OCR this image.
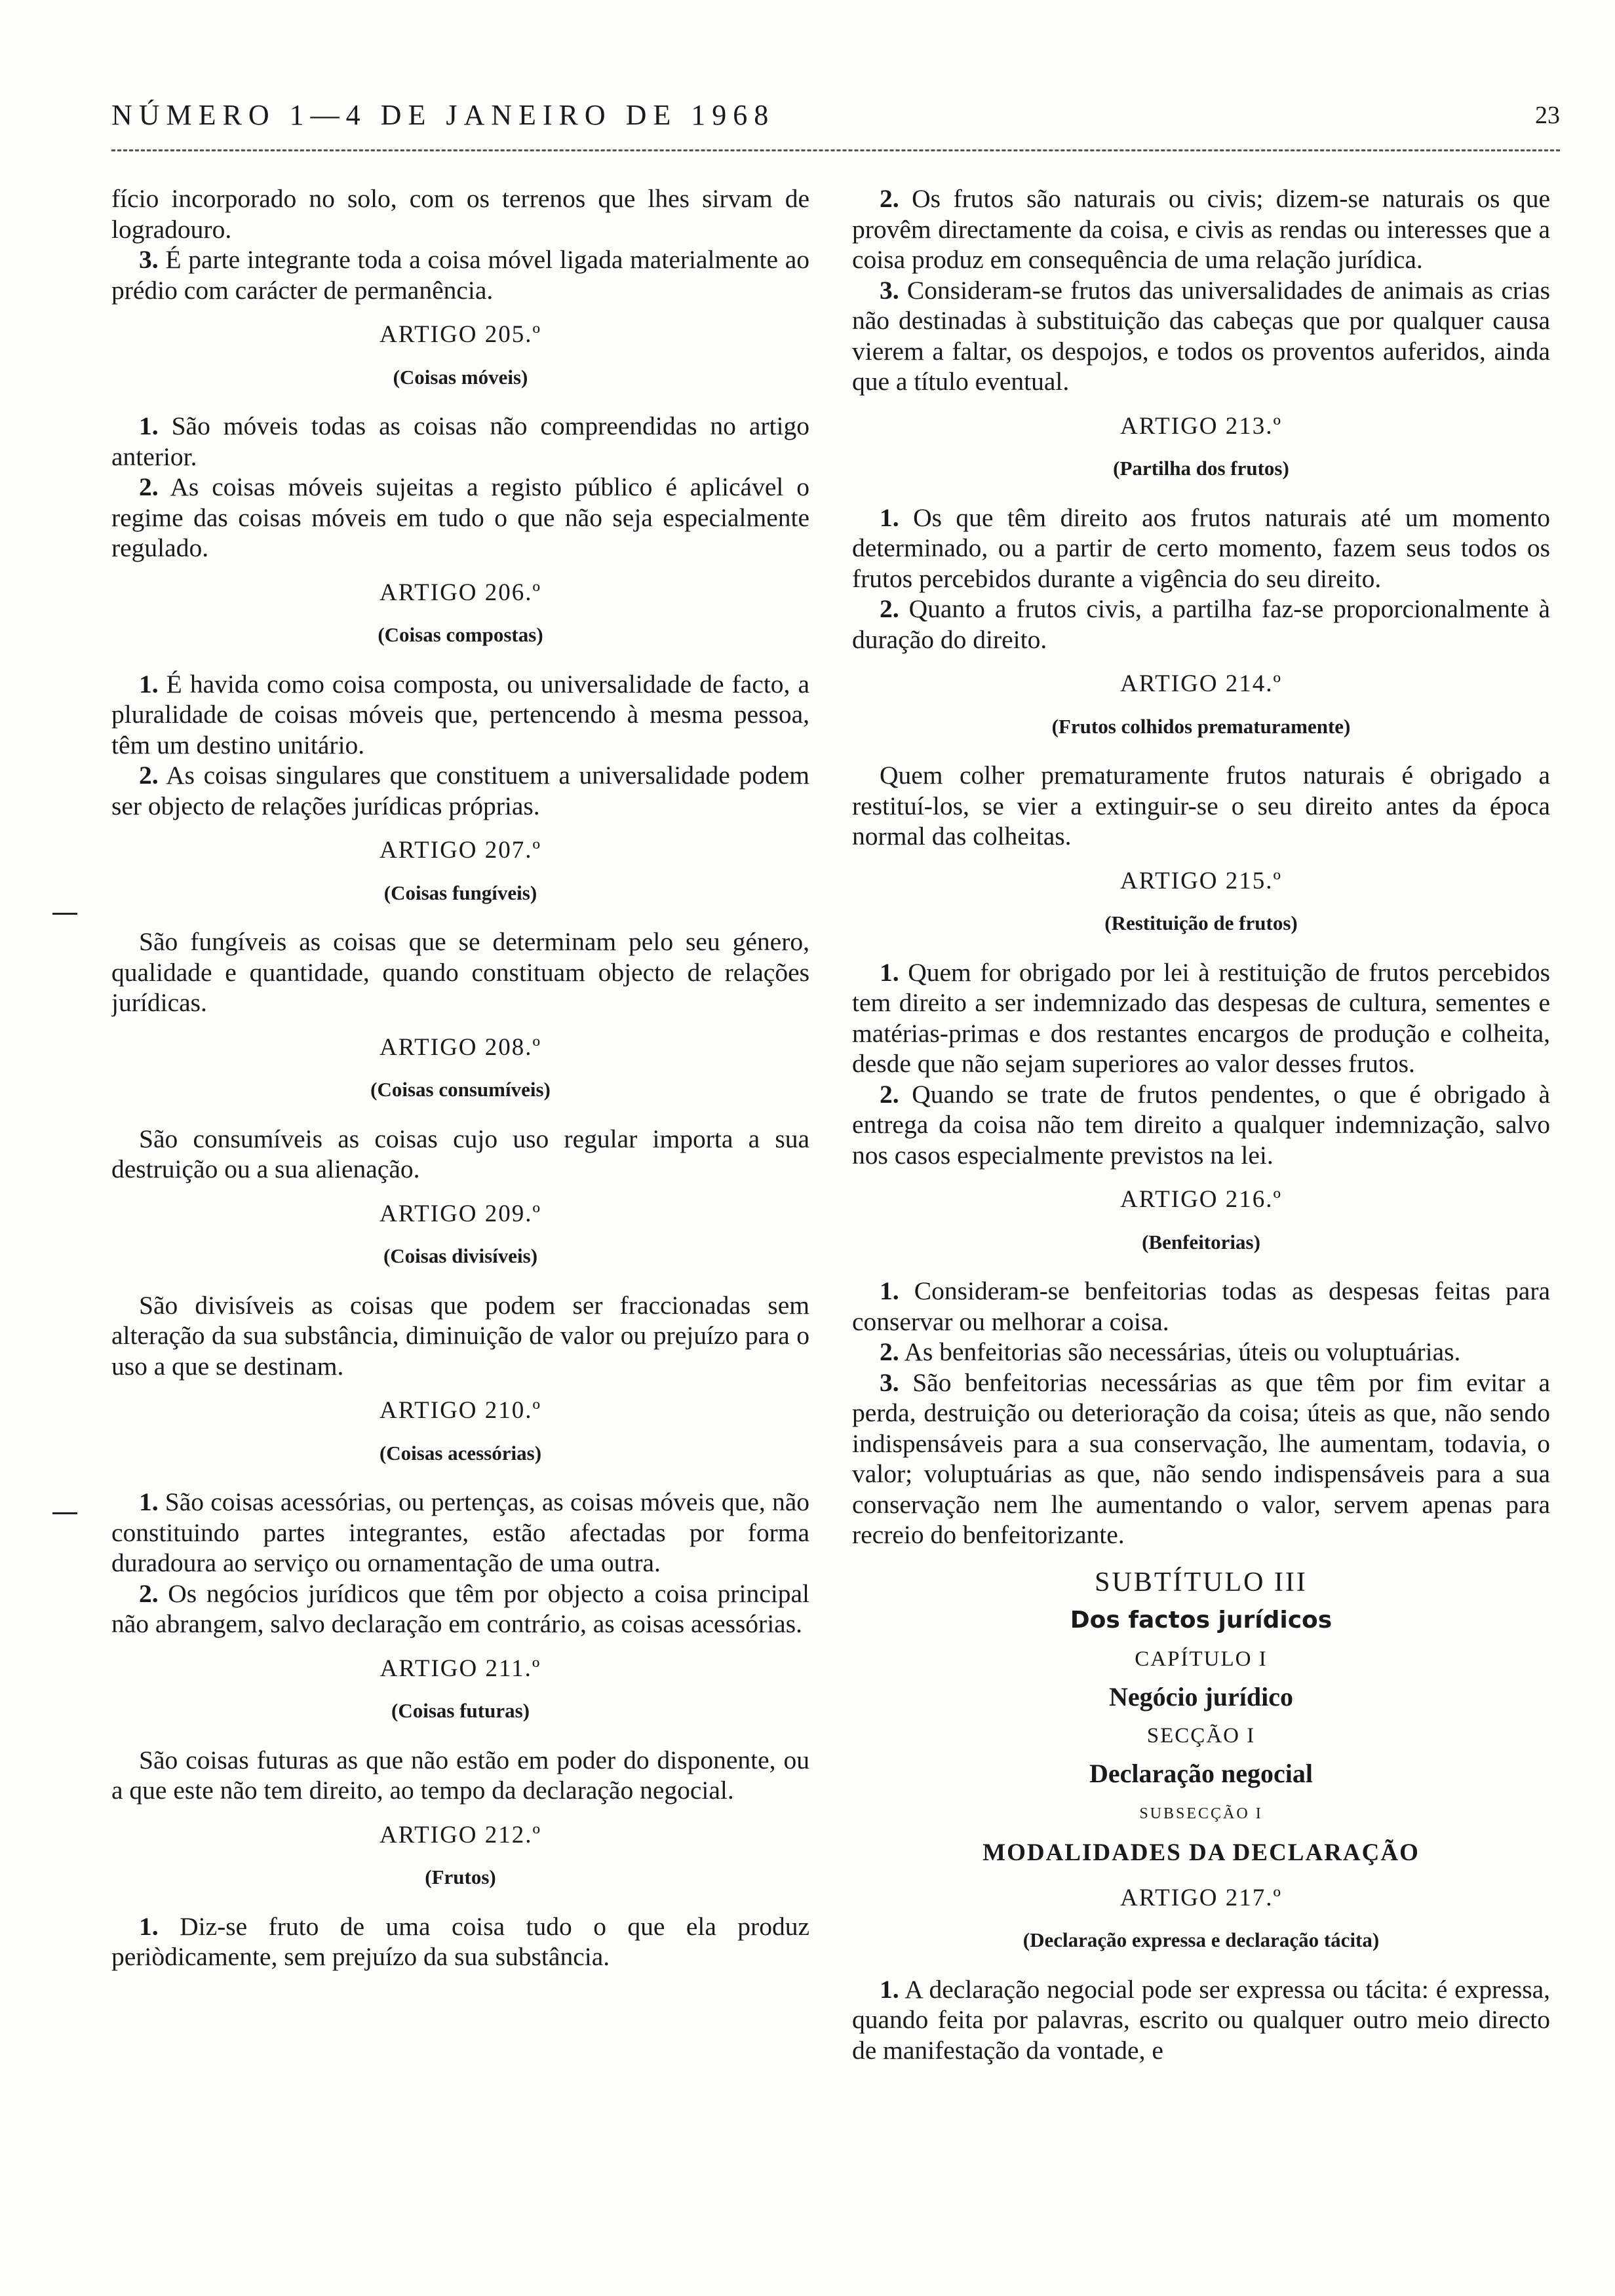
NÚMERO 1—4 DE JANEIRO DE 1968	23

fício incorporado no solo, com os terrenos que lhes sirvam de logradouro.

3. É parte integrante toda a coisa móvel ligada materialmente ao prédio com carácter de permanência.

ARTIGO 205.º

(Coisas móveis)

1. São móveis todas as coisas não compreendidas no artigo anterior.

2. As coisas móveis sujeitas a registo público é aplicável o regime das coisas móveis em tudo o que não seja especialmente regulado.

ARTIGO 206.º

(Coisas compostas)

1. É havida como coisa composta, ou universalidade de facto, a pluralidade de coisas móveis que, pertencendo à mesma pessoa, têm um destino unitário.

2. As coisas singulares que constituem a universalidade podem ser objecto de relações jurídicas próprias.

ARTIGO 207.º

(Coisas fungíveis)

São fungíveis as coisas que se determinam pelo seu género, qualidade e quantidade, quando constituam objecto de relações jurídicas.

ARTIGO 208.º

(Coisas consumíveis)

São consumíveis as coisas cujo uso regular importa a sua destruição ou a sua alienação.

ARTIGO 209.º

(Coisas divisíveis)

São divisíveis as coisas que podem ser fraccionadas sem alteração da sua substância, diminuição de valor ou prejuízo para o uso a que se destinam.

ARTIGO 210.º

(Coisas acessórias)

1. São coisas acessórias, ou pertenças, as coisas móveis que, não constituindo partes integrantes, estão afectadas por forma duradoura ao serviço ou ornamentação de uma outra.

2. Os negócios jurídicos que têm por objecto a coisa principal não abrangem, salvo declaração em contrário, as coisas acessórias.

ARTIGO 211.º

(Coisas futuras)

São coisas futuras as que não estão em poder do disponente, ou a que este não tem direito, ao tempo da declaração negocial.

ARTIGO 212.º

(Frutos)

1. Diz-se fruto de uma coisa tudo o que ela produz periòdicamente, sem prejuízo da sua substância.

2. Os frutos são naturais ou civis; dizem-se naturais os que provêm directamente da coisa, e civis as rendas ou interesses que a coisa produz em consequência de uma relação jurídica.

3. Consideram-se frutos das universalidades de animais as crias não destinadas à substituição das cabeças que por qualquer causa vierem a faltar, os despojos, e todos os proventos auferidos, ainda que a título eventual.

ARTIGO 213.º

(Partilha dos frutos)

1. Os que têm direito aos frutos naturais até um momento determinado, ou a partir de certo momento, fazem seus todos os frutos percebidos durante a vigência do seu direito.

2. Quanto a frutos civis, a partilha faz-se proporcionalmente à duração do direito.

ARTIGO 214.º

(Frutos colhidos prematuramente)

Quem colher prematuramente frutos naturais é obrigado a restituí-los, se vier a extinguir-se o seu direito antes da época normal das colheitas.

ARTIGO 215.º

(Restituição de frutos)

1. Quem for obrigado por lei à restituição de frutos percebidos tem direito a ser indemnizado das despesas de cultura, sementes e matérias-primas e dos restantes encargos de produção e colheita, desde que não sejam superiores ao valor desses frutos.

2. Quando se trate de frutos pendentes, o que é obrigado à entrega da coisa não tem direito a qualquer indemnização, salvo nos casos especialmente previstos na lei.

ARTIGO 216.º

(Benfeitorias)

1. Consideram-se benfeitorias todas as despesas feitas para conservar ou melhorar a coisa.

2. As benfeitorias são necessárias, úteis ou voluptuárias.

3. São benfeitorias necessárias as que têm por fim evitar a perda, destruição ou deterioração da coisa; úteis as que, não sendo indispensáveis para a sua conservação, lhe aumentam, todavia, o valor; voluptuárias as que, não sendo indispensáveis para a sua conservação nem lhe aumentando o valor, servem apenas para recreio do benfeitorizante.

SUBTÍTULO III

Dos factos jurídicos

CAPÍTULO I

Negócio jurídico

SECÇÃO I

Declaração negocial

SUBSECÇÃO I

MODALIDADES DA DECLARAÇÃO

ARTIGO 217.º

(Declaração expressa e declaração tácita)

1. A declaração negocial pode ser expressa ou tácita: é expressa, quando feita por palavras, escrito ou qualquer outro meio directo de manifestação da vontade, e
